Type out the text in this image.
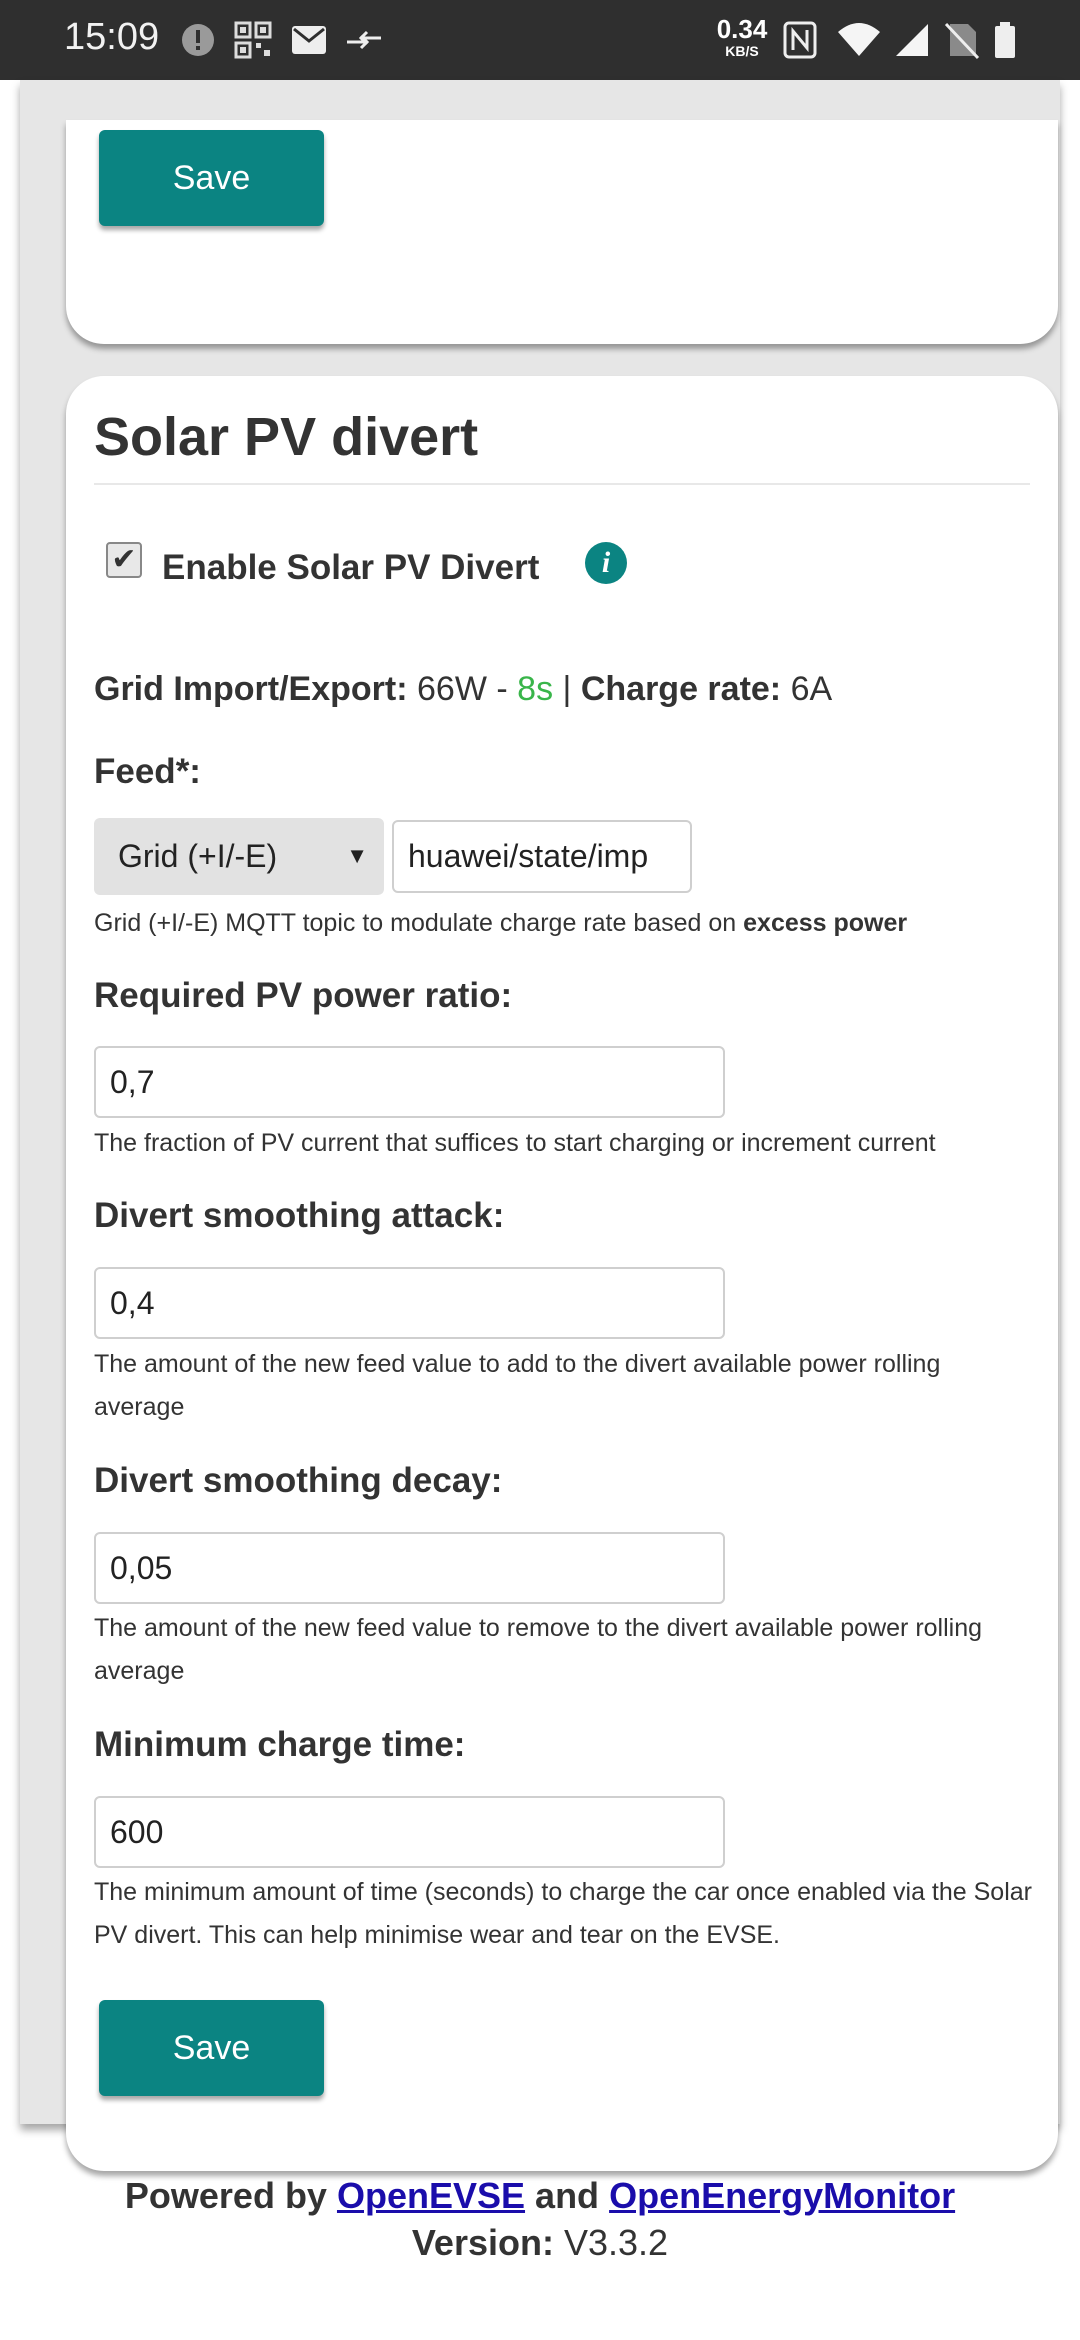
15:09	0.34
KB/S
Save
Solar PV divert
✔ Enable Solar PV Divert	i
Grid Import/Export: 66W - 8s | Charge rate: 6A
Feed*:
Grid (+I/-E)	▼	huawei/state/imp
Grid (+I/-E) MQTT topic to modulate charge rate based on excess power
Required PV power ratio:
0,7
The fraction of PV current that suffices to start charging or increment current
Divert smoothing attack:
0,4
The amount of the new feed value to add to the divert available power rolling average
Divert smoothing decay:
0,05
The amount of the new feed value to remove to the divert available power rolling average
Minimum charge time:
600
The minimum amount of time (seconds) to charge the car once enabled via the Solar PV divert. This can help minimise wear and tear on the EVSE.
Save
Powered by OpenEVSE and OpenEnergyMonitor
Version: V3.3.2
